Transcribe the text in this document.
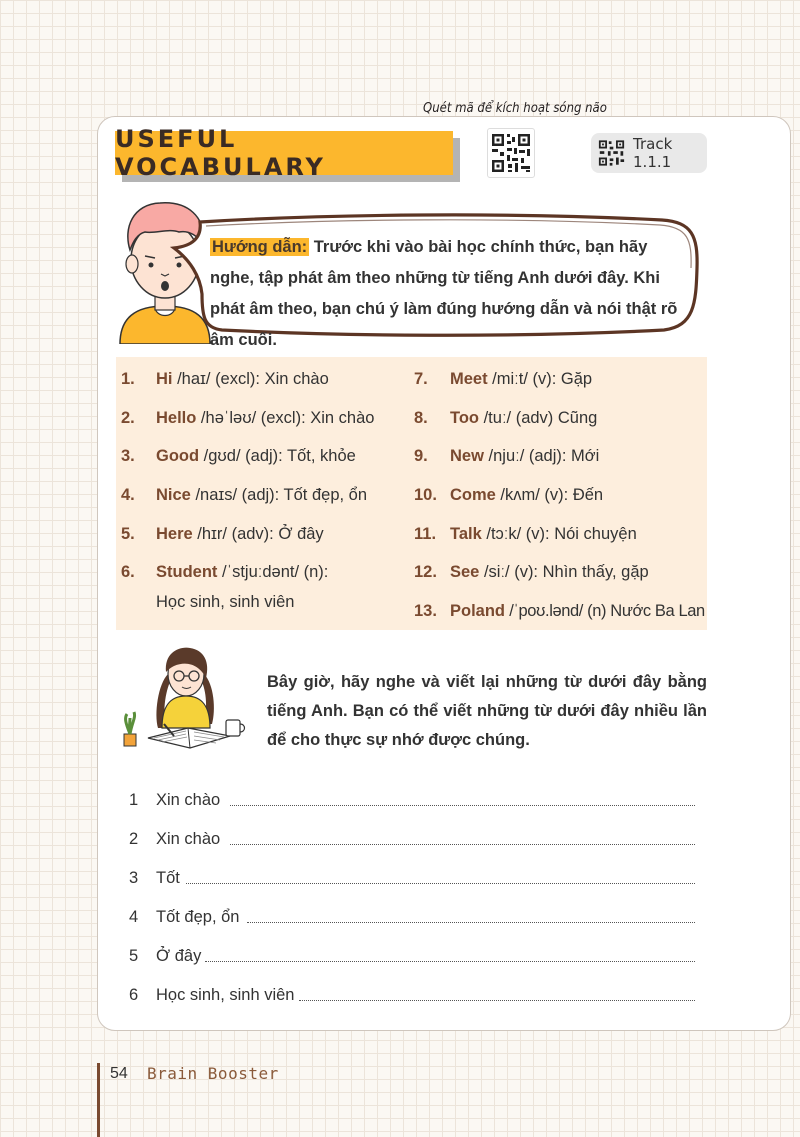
Quét mã để kích hoạt sóng não
USEFUL VOCABULARY
Track 1.1.1
Hướng dẫn: Trước khi vào bài học chính thức, bạn hãy nghe, tập phát âm theo những từ tiếng Anh dưới đây. Khi phát âm theo, bạn chú ý làm đúng hướng dẫn và nói thật rõ âm cuối.
1. Hi /haɪ/ (excl): Xin chào
2. Hello /həˈləʊ/ (excl): Xin chào
3. Good /ɡʊd/ (adj): Tốt, khỏe
4. Nice /naɪs/ (adj): Tốt đẹp, ổn
5. Here /hɪr/ (adv): Ở đây
6. Student /ˈstjuːdənt/ (n):
Học sinh, sinh viên
7. Meet /miːt/ (v): Gặp
8. Too /tuː/ (adv) Cũng
9. New /njuː/ (adj): Mới
10. Come /kʌm/ (v): Đến
11. Talk /tɔːk/ (v): Nói chuyện
12. See /siː/ (v): Nhìn thấy, gặp
13. Poland /ˈpoʊ.lənd/ (n) Nước Ba Lan
Bây giờ, hãy nghe và viết lại những từ dưới đây bằng tiếng Anh. Bạn có thể viết những từ dưới đây nhiều lần để cho thực sự nhớ được chúng.
1	Xin chào
2	Xin chào
3	Tốt
4	Tốt đẹp, ổn
5	Ở đây
6	Học sinh, sinh viên
54 Brain Booster
